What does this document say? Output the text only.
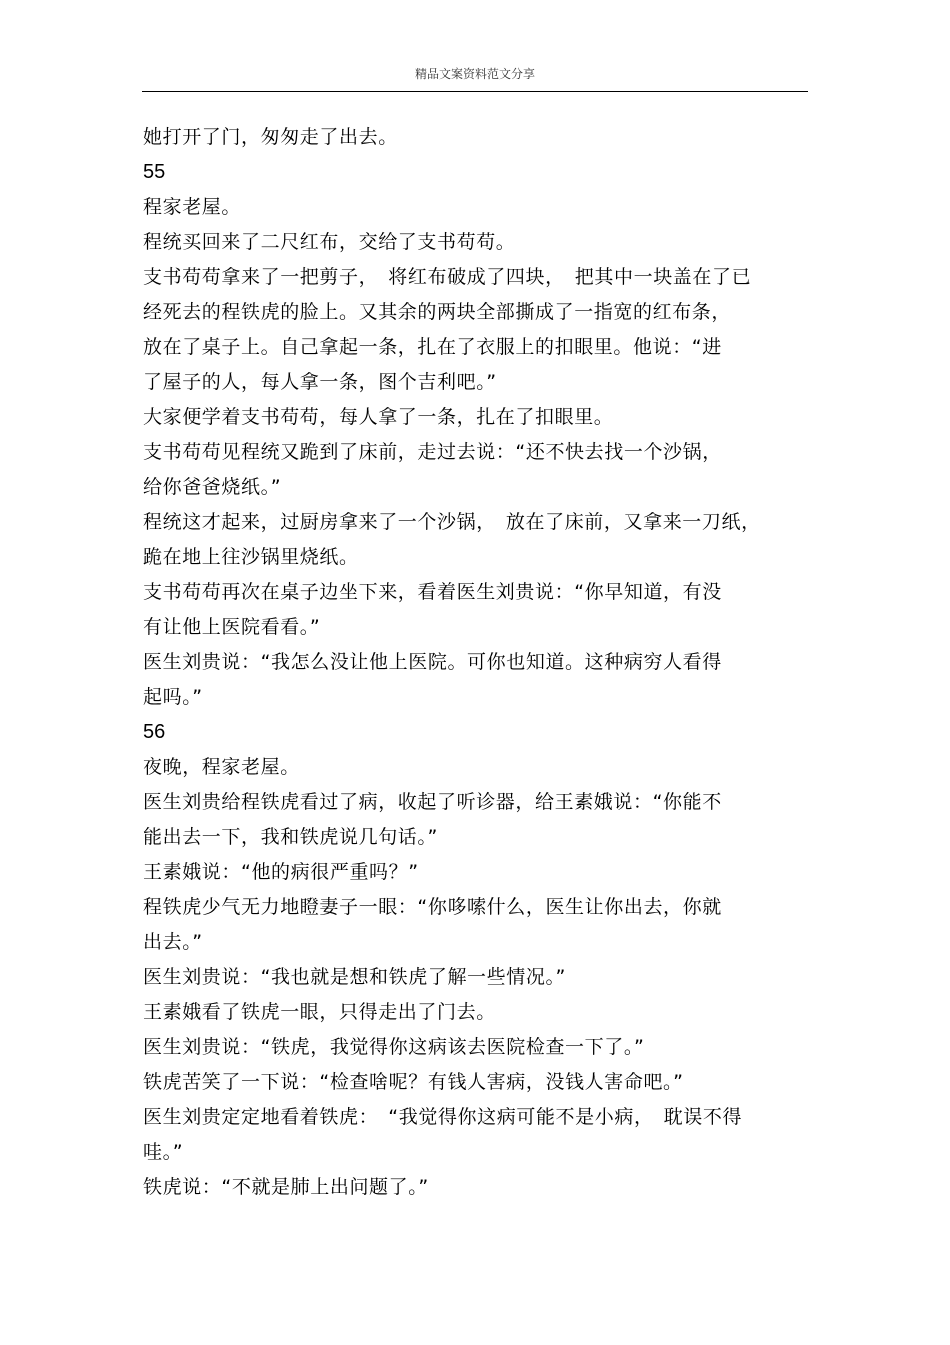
精品文案资料范文分享
她打开了门，匆匆走了出去。
55
程家老屋。
程统买回来了二尺红布，交给了支书苟苟。
支书苟苟拿来了一把剪子，　将红布破成了四块，　把其中一块盖在了已
经死去的程铁虎的脸上。又其余的两块全部撕成了一指宽的红布条，
放在了桌子上。自己拿起一条，扎在了衣服上的扣眼里。他说：“进
了屋子的人，每人拿一条，图个吉利吧。”
大家便学着支书苟苟，每人拿了一条，扎在了扣眼里。
支书苟苟见程统又跪到了床前，走过去说：“还不快去找一个沙锅，
给你爸爸烧纸。”
程统这才起来，过厨房拿来了一个沙锅，　放在了床前，又拿来一刀纸，
跪在地上往沙锅里烧纸。
支书苟苟再次在桌子边坐下来，看着医生刘贵说：“你早知道，有没
有让他上医院看看。”
医生刘贵说：“我怎么没让他上医院。可你也知道。这种病穷人看得
起吗。”
56
夜晚，程家老屋。
医生刘贵给程铁虎看过了病，收起了听诊器，给王素娥说：“你能不
能出去一下，我和铁虎说几句话。”
王素娥说：“他的病很严重吗？”
程铁虎少气无力地瞪妻子一眼：“你哆嗦什么，医生让你出去，你就
出去。”
医生刘贵说：“我也就是想和铁虎了解一些情况。”
王素娥看了铁虎一眼，只得走出了门去。
医生刘贵说：“铁虎，我觉得你这病该去医院检查一下了。”
铁虎苦笑了一下说：“检查啥呢？有钱人害病，没钱人害命吧。”
医生刘贵定定地看着铁虎：　“我觉得你这病可能不是小病，　耽误不得
哇。”
铁虎说：“不就是肺上出问题了。”
